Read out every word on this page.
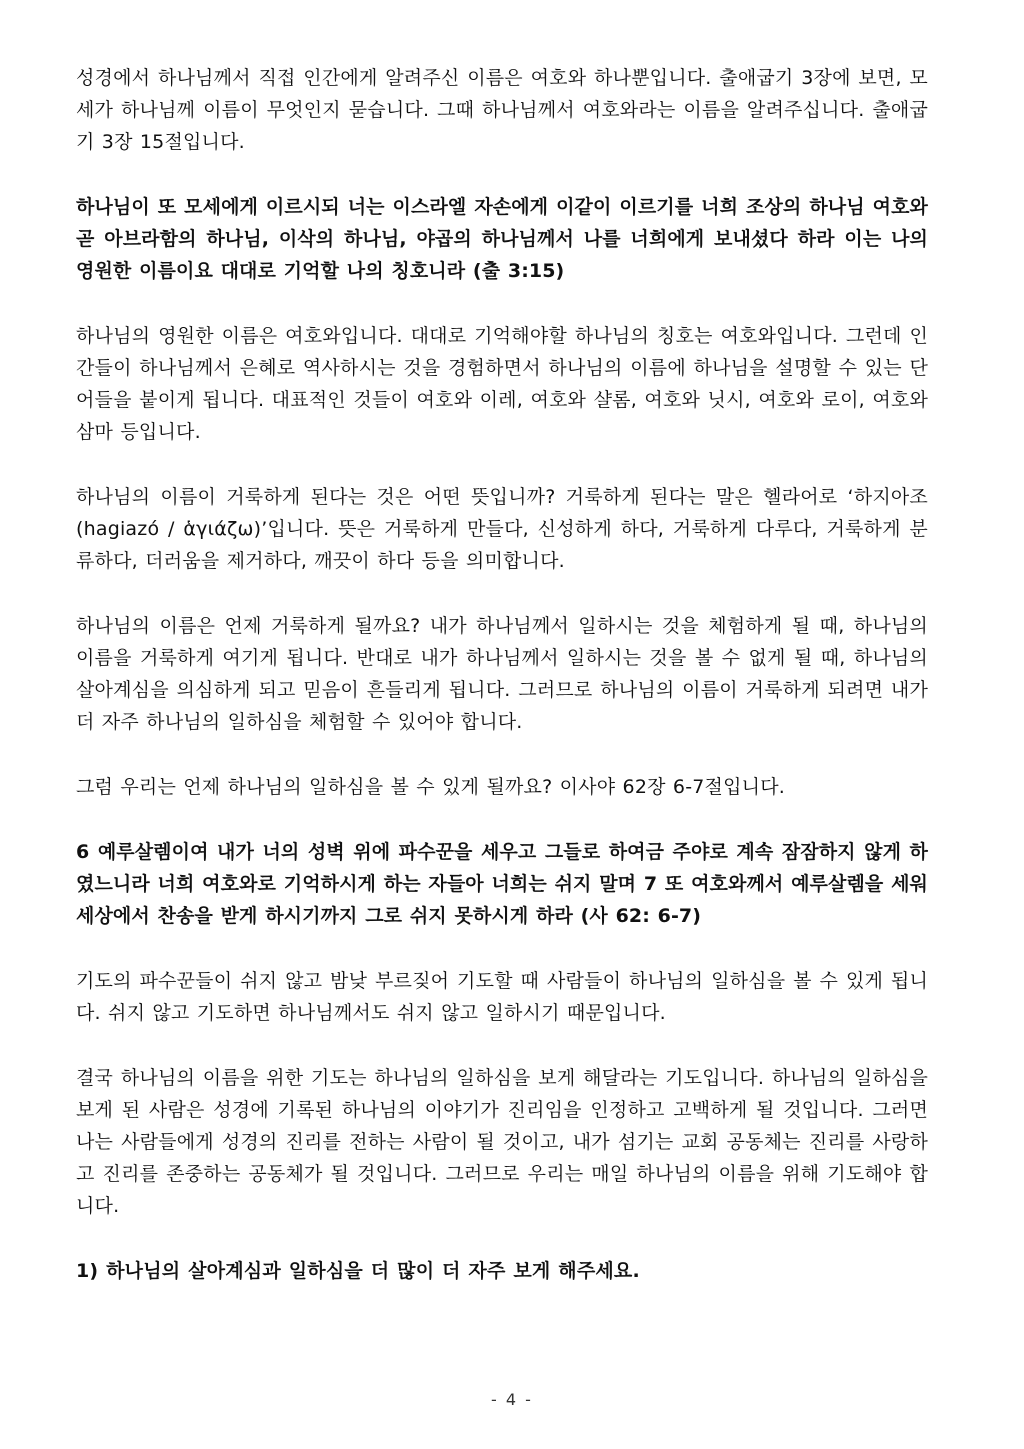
성경에서 하나님께서 직접 인간에게 알려주신 이름은 여호와 하나뿐입니다. 출애굽기 3장에 보면, 모세가 하나님께 이름이 무엇인지 묻습니다. 그때 하나님께서 여호와라는 이름을 알려주십니다. 출애굽기 3장 15절입니다.

하나님이 또 모세에게 이르시되 너는 이스라엘 자손에게 이같이 이르기를 너희 조상의 하나님 여호와 곧 아브라함의 하나님, 이삭의 하나님, 야곱의 하나님께서 나를 너희에게 보내셨다 하라 이는 나의 영원한 이름이요 대대로 기억할 나의 칭호니라 (출 3:15)

하나님의 영원한 이름은 여호와입니다. 대대로 기억해야할 하나님의 칭호는 여호와입니다. 그런데 인간들이 하나님께서 은혜로 역사하시는 것을 경험하면서 하나님의 이름에 하나님을 설명할 수 있는 단어들을 붙이게 됩니다. 대표적인 것들이 여호와 이레, 여호와 샬롬, 여호와 닛시, 여호와 로이, 여호와 삼마 등입니다.

하나님의 이름이 거룩하게 된다는 것은 어떤 뜻입니까? 거룩하게 된다는 말은 헬라어로 ‘하지아조(hagiazó / ἁγιάζω)’입니다. 뜻은 거룩하게 만들다, 신성하게 하다, 거룩하게 다루다, 거룩하게 분류하다, 더러움을 제거하다, 깨끗이 하다 등을 의미합니다.

하나님의 이름은 언제 거룩하게 될까요? 내가 하나님께서 일하시는 것을 체험하게 될 때, 하나님의 이름을 거룩하게 여기게 됩니다. 반대로 내가 하나님께서 일하시는 것을 볼 수 없게 될 때, 하나님의 살아계심을 의심하게 되고 믿음이 흔들리게 됩니다. 그러므로 하나님의 이름이 거룩하게 되려면 내가 더 자주 하나님의 일하심을 체험할 수 있어야 합니다.

그럼 우리는 언제 하나님의 일하심을 볼 수 있게 될까요? 이사야 62장 6-7절입니다.

6 예루살렘이여 내가 너의 성벽 위에 파수꾼을 세우고 그들로 하여금 주야로 계속 잠잠하지 않게 하였느니라 너희 여호와로 기억하시게 하는 자들아 너희는 쉬지 말며 7 또 여호와께서 예루살렘을 세워 세상에서 찬송을 받게 하시기까지 그로 쉬지 못하시게 하라 (사 62: 6-7)

기도의 파수꾼들이 쉬지 않고 밤낮 부르짖어 기도할 때 사람들이 하나님의 일하심을 볼 수 있게 됩니다. 쉬지 않고 기도하면 하나님께서도 쉬지 않고 일하시기 때문입니다.

결국 하나님의 이름을 위한 기도는 하나님의 일하심을 보게 해달라는 기도입니다. 하나님의 일하심을 보게 된 사람은 성경에 기록된 하나님의 이야기가 진리임을 인정하고 고백하게 될 것입니다. 그러면 나는 사람들에게 성경의 진리를 전하는 사람이 될 것이고, 내가 섬기는 교회 공동체는 진리를 사랑하고 진리를 존중하는 공동체가 될 것입니다. 그러므로 우리는 매일 하나님의 이름을 위해 기도해야 합니다.

1) 하나님의 살아계심과 일하심을 더 많이 더 자주 보게 해주세요.

- 4 -
